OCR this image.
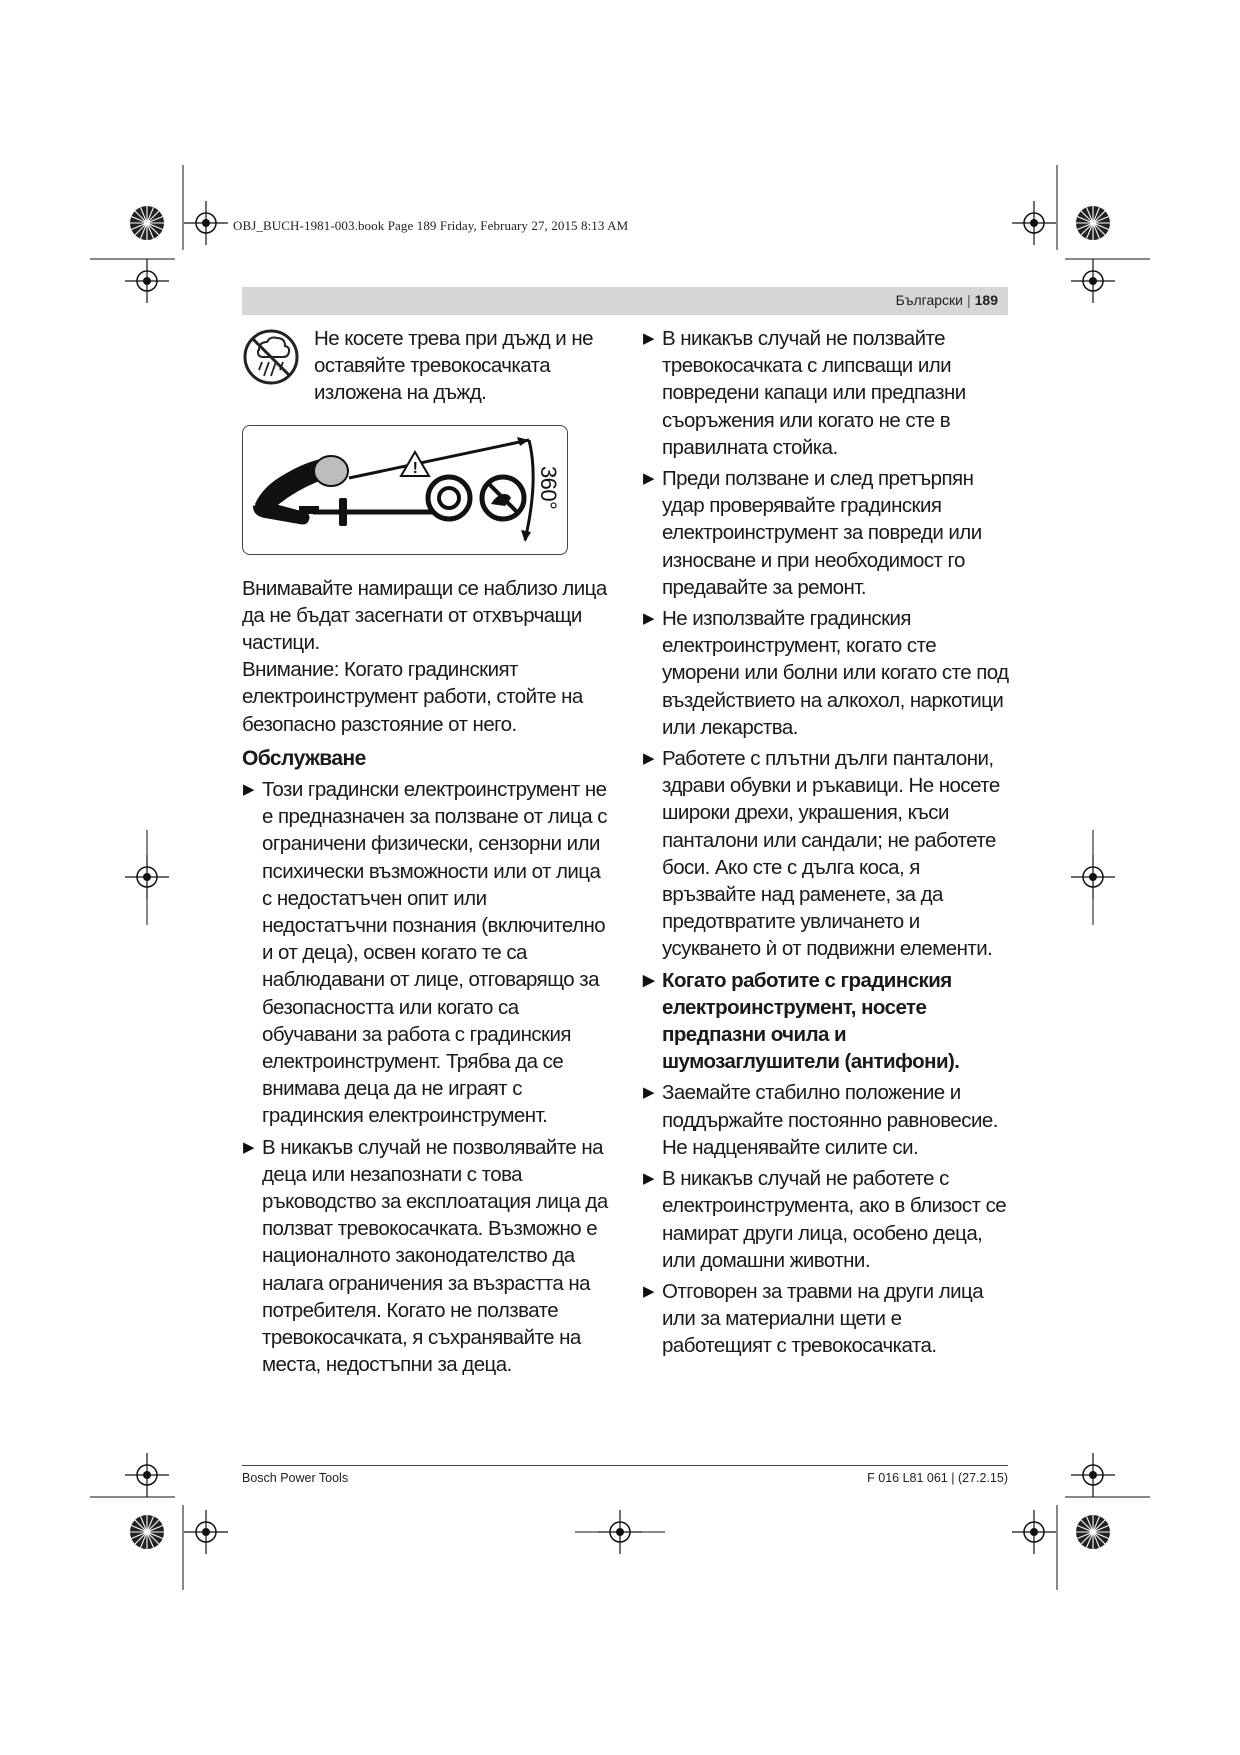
OBJ_BUCH-1981-003.book Page 189 Friday, February 27, 2015 8:13 AM
Български | 189
Не косете трева при дъжд и не оставяйте тревокосачката изложена на дъжд.
!	360°

Внимавайте намиращи се наблизо лица да не бъдат засегнати от отхвърчащи частици.

Внимание: Когато градинският електроинструмент работи, стойте на безопасно разстояние от него.

Обслужване
▶ Този градински електроинструмент не е предназначен за ползване от лица с ограничени физически, сензорни или психически възможности или от лица с недостатъчен опит или недостатъчни познания (включително и от деца), освен когато те са наблюдавани от лице, отговарящо за безопасността или когато са обучавани за работа с градинския електроинструмент. Трябва да се внимава деца да не играят с градинския електроинструмент.
▶ В никакъв случай не позволявайте на деца или незапознати с това ръководство за експлоатация лица да ползват тревокосачката. Възможно е националното законодателство да налага ограничения за възрастта на потребителя. Когато не ползвате тревокосачката, я съхранявайте на места, недостъпни за деца.
▶ В никакъв случай не ползвайте тревокосачката с липсващи или повредени капаци или предпазни съоръжения или когато не сте в правилната стойка.
▶ Преди ползване и след претърпян удар проверявайте градинския електроинструмент за повреди или износване и при необходимост го предавайте за ремонт.
▶ Не използвайте градинския електроинструмент, когато сте уморени или болни или когато сте под въздействието на алкохол, наркотици или лекарства.
▶ Работете с плътни дълги панталони, здрави обувки и ръкавици. Не носете широки дрехи, украшения, къси панталони или сандали; не работете боси. Ако сте с дълга коса, я връзвайте над раменете, за да предотвратите увличането и усукването ѝ от подвижни елементи.
▶ Когато работите с градинския електроинструмент, носете предпазни очила и шумозаглушители (антифони).
▶ Заемайте стабилно положение и поддържайте постоянно равновесие. Не надценявайте силите си.
▶ В никакъв случай не работете с електроинструмента, ако в близост се намират други лица, особено деца, или домашни животни.
▶ Отговорен за травми на други лица или за материални щети е работещият с тревокосачката.
Bosch Power Tools	F 016 L81 061 | (27.2.15)
